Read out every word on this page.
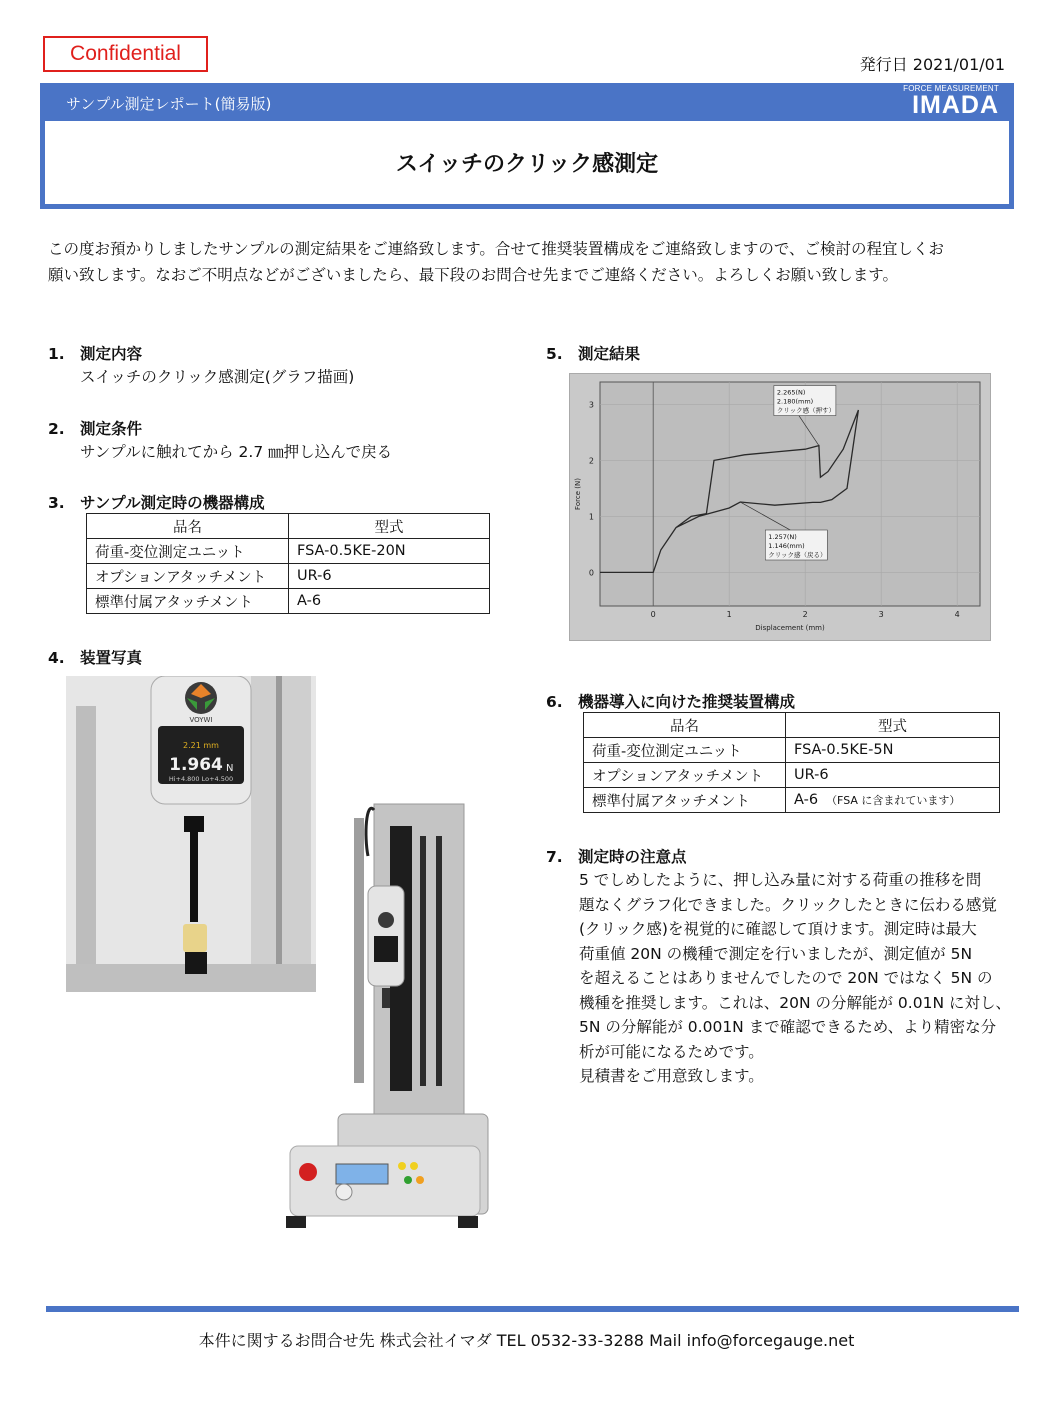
Confidential	発行日 2021/01/01
サンプル測定レポート(簡易版)
FORCE MEASUREMENT
IMADA
スイッチのクリック感測定
この度お預かりしましたサンプルの測定結果をご連絡致します。合せて推奨装置構成をご連絡致しますので、ご検討の程宜しくお
願い致します。なおご不明点などがございましたら、最下段のお問合せ先までご連絡ください。よろしくお願い致します。
1. 測定内容
スイッチのクリック感測定(グラフ描画)
2. 測定条件
サンプルに触れてから 2.7 ㎜押し込んで戻る
3. サンプル測定時の機器構成
品名	型式
荷重-変位測定ユニット	FSA-0.5KE-20N
オプションアタッチメント	UR-6
標準付属アタッチメント	A-6
4. 装置写真
2.21 mm
1.964 N
Hi+4.800 Lo+4.500
VOYWI
5. 測定結果
0	1	2	3	4
0
1
2
3
Displacement (mm)
Force (N)
2.265(N)
2.180(mm)
クリック感（押す）
1.257(N)
1.146(mm)
クリック感（戻る）
6. 機器導入に向けた推奨装置構成
品名	型式
荷重-変位測定ユニット	FSA-0.5KE-5N
オプションアタッチメント	UR-6
標準付属アタッチメント	A-6 （FSA に含まれています）
7. 測定時の注意点
5 でしめしたように、押し込み量に対する荷重の推移を問
題なくグラフ化できました。クリックしたときに伝わる感覚
(クリック感)を視覚的に確認して頂けます。測定時は最大
荷重値 20N の機種で測定を行いましたが、測定値が 5N
を超えることはありませんでしたので 20N ではなく 5N の
機種を推奨します。これは、20N の分解能が 0.01N に対し、
5N の分解能が 0.001N まで確認できるため、より精密な分
析が可能になるためです。
見積書をご用意致します。
本件に関するお問合せ先 株式会社イマダ TEL 0532-33-3288 Mail info@forcegauge.net
